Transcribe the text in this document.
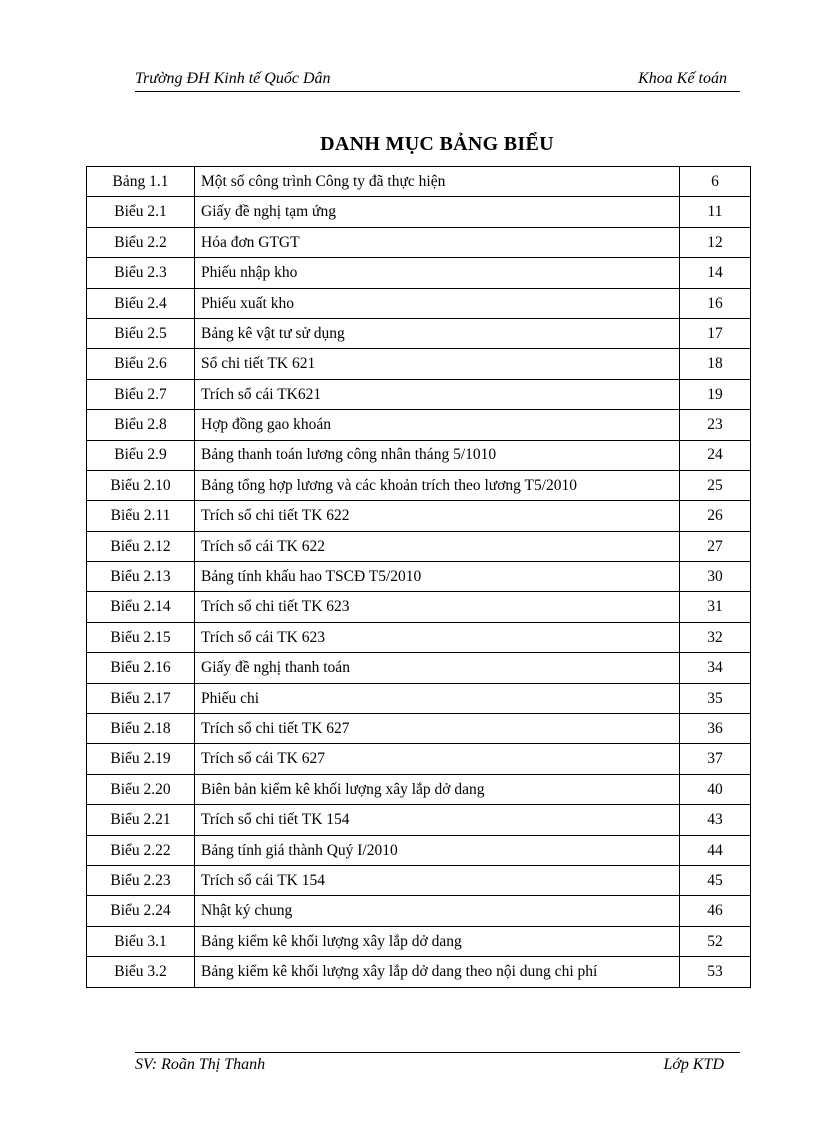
Trường ĐH Kinh tế Quốc Dân	Khoa Kế toán
DANH MỤC BẢNG BIỂU
Bảng 1.1	Một số công trình Công ty đã thực hiện	6
Biểu 2.1	Giấy đề nghị tạm ứng	11
Biểu 2.2	Hóa đơn GTGT	12
Biểu 2.3	Phiếu nhập kho	14
Biểu 2.4	Phiếu xuất kho	16
Biểu 2.5	Bảng kê vật tư sử dụng	17
Biểu 2.6	Sổ chi tiết TK 621	18
Biểu 2.7	Trích sổ cái TK621	19
Biểu 2.8	Hợp đồng gao khoán	23
Biểu 2.9	Bảng thanh toán lương công nhân tháng 5/1010	24
Biểu 2.10	Bảng tổng hợp lương và các khoản trích theo lương T5/2010	25
Biểu 2.11	Trích sổ chi tiết TK 622	26
Biểu 2.12	Trích sổ cái TK 622	27
Biểu 2.13	Bảng tính khấu hao TSCĐ T5/2010	30
Biểu 2.14	Trích sổ chi tiết TK 623	31
Biểu 2.15	Trích sổ cái TK 623	32
Biểu 2.16	Giấy đề nghị thanh toán	34
Biểu 2.17	Phiếu chi	35
Biểu 2.18	Trích sổ chi tiết TK 627	36
Biểu 2.19	Trích sổ cái TK 627	37
Biểu 2.20	Biên bản kiểm kê khối lượng xây lắp dở dang	40
Biểu 2.21	Trích sổ chi tiết TK 154	43
Biểu 2.22	Bảng tính giá thành Quý I/2010	44
Biểu 2.23	Trích sổ cái TK 154	45
Biểu 2.24	Nhật ký chung	46
Biểu 3.1	Bảng kiểm kê khối lượng xây lắp dở dang	52
Biểu 3.2	Bảng kiểm kê khối lượng xây lắp dở dang theo nội dung chi phí	53
SV: Roãn Thị Thanh	Lớp KTD
